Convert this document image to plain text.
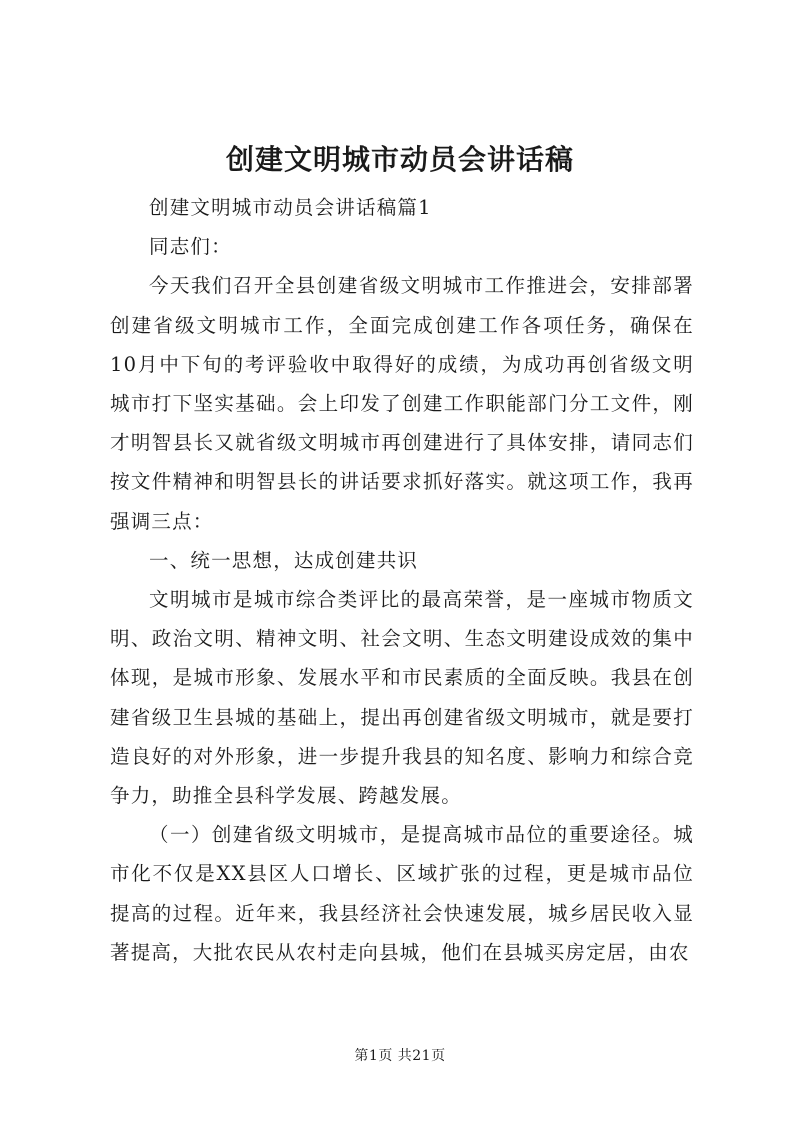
创建文明城市动员会讲话稿

创建文明城市动员会讲话稿篇1

同志们：

今天我们召开全县创建省级文明城市工作推进会，安排部署创建省级文明城市工作，全面完成创建工作各项任务，确保在10月中下旬的考评验收中取得好的成绩，为成功再创省级文明城市打下坚实基础。会上印发了创建工作职能部门分工文件，刚才明智县长又就省级文明城市再创建进行了具体安排，请同志们按文件精神和明智县长的讲话要求抓好落实。就这项工作，我再强调三点：

一、统一思想，达成创建共识

文明城市是城市综合类评比的最高荣誉，是一座城市物质文明、政治文明、精神文明、社会文明、生态文明建设成效的集中体现，是城市形象、发展水平和市民素质的全面反映。我县在创建省级卫生县城的基础上，提出再创建省级文明城市，就是要打造良好的对外形象，进一步提升我县的知名度、影响力和综合竞争力，助推全县科学发展、跨越发展。

（一）创建省级文明城市，是提高城市品位的重要途径。城市化不仅是XX县区人口增长、区域扩张的过程，更是城市品位提高的过程。近年来，我县经济社会快速发展，城乡居民收入显著提高，大批农民从农村走向县城，他们在县城买房定居，由农

第1页 共21页
